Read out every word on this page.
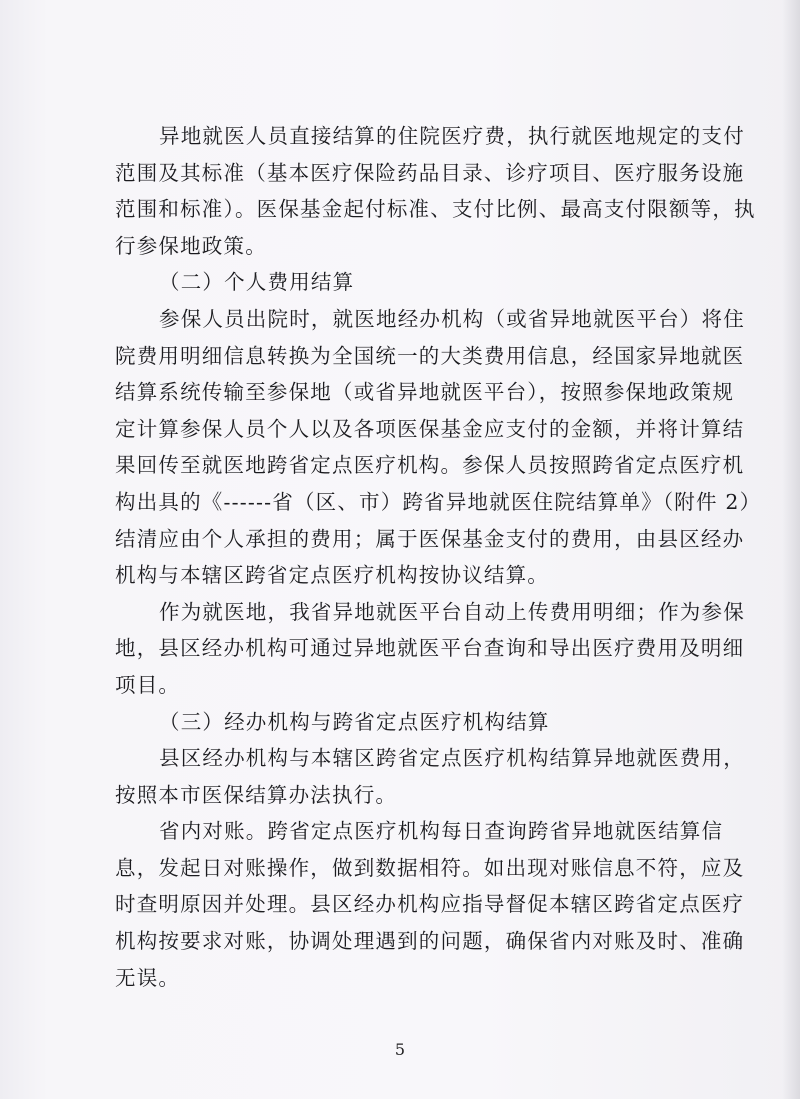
异地就医人员直接结算的住院医疗费，执行就医地规定的支付
范围及其标准（基本医疗保险药品目录、诊疗项目、医疗服务设施
范围和标准）。医保基金起付标准、支付比例、最高支付限额等，执
行参保地政策。
（二）个人费用结算
参保人员出院时，就医地经办机构（或省异地就医平台）将住
院费用明细信息转换为全国统一的大类费用信息，经国家异地就医
结算系统传输至参保地（或省异地就医平台），按照参保地政策规
定计算参保人员个人以及各项医保基金应支付的金额，并将计算结
果回传至就医地跨省定点医疗机构。参保人员按照跨省定点医疗机
构出具的《------省（区、市）跨省异地就医住院结算单》（附件 2）
结清应由个人承担的费用；属于医保基金支付的费用，由县区经办
机构与本辖区跨省定点医疗机构按协议结算。
作为就医地，我省异地就医平台自动上传费用明细；作为参保
地，县区经办机构可通过异地就医平台查询和导出医疗费用及明细
项目。
（三）经办机构与跨省定点医疗机构结算
县区经办机构与本辖区跨省定点医疗机构结算异地就医费用，
按照本市医保结算办法执行。
省内对账。跨省定点医疗机构每日查询跨省异地就医结算信
息，发起日对账操作，做到数据相符。如出现对账信息不符，应及
时查明原因并处理。县区经办机构应指导督促本辖区跨省定点医疗
机构按要求对账，协调处理遇到的问题，确保省内对账及时、准确
无误。
5
